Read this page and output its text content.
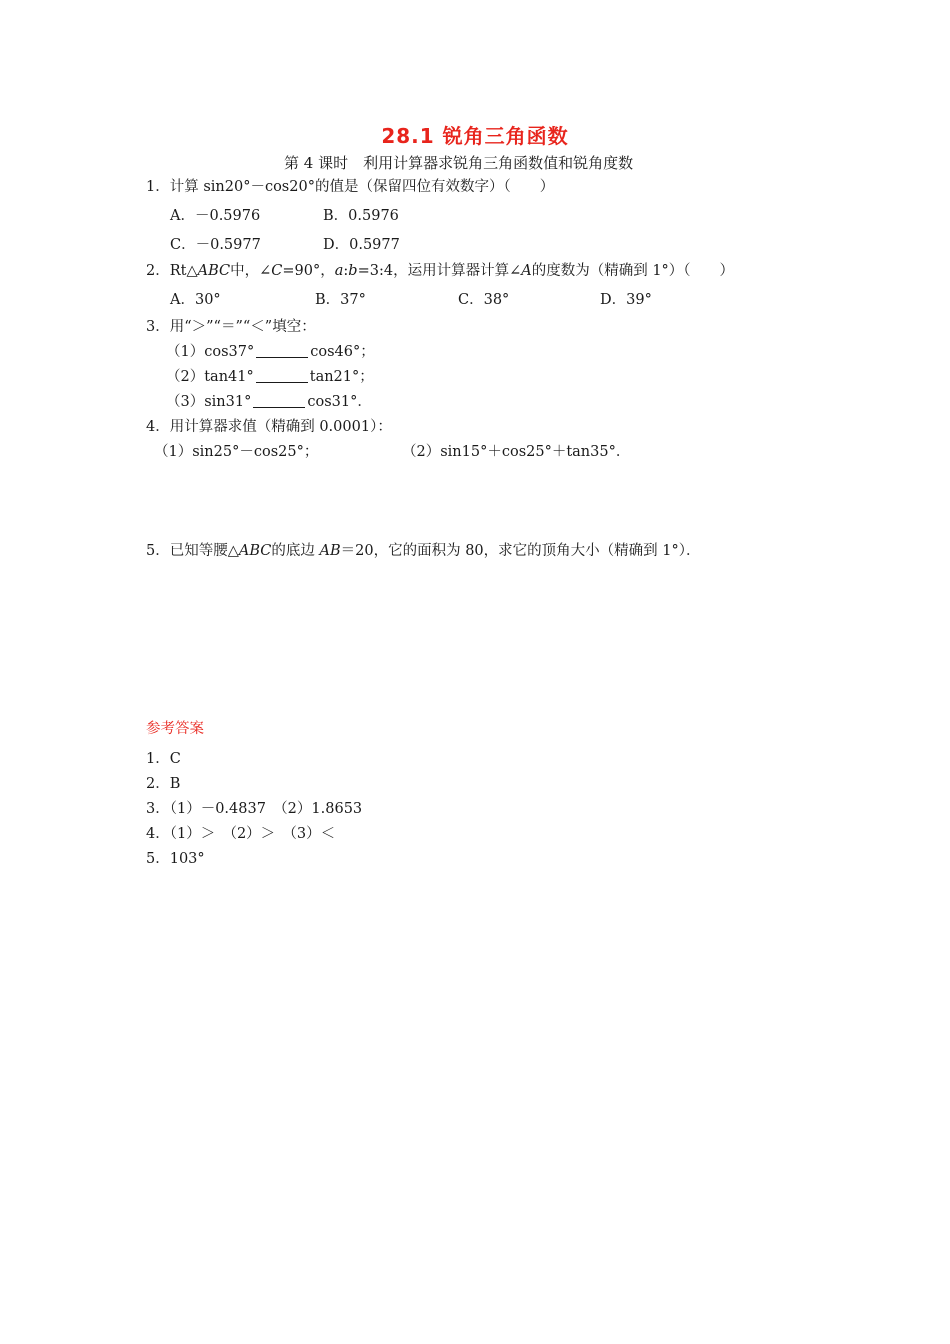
28.1 锐角三角函数
第 4 课时　利用计算器求锐角三角函数值和锐角度数
1．计算 sin20°－cos20°的值是（保留四位有效数字）（　　）
A．－0.5976	B．0.5976
C．－0.5977	D．0.5977
2．Rt△ABC中，∠C=90°，a:b=3:4，运用计算器计算∠A的度数为（精确到 1°）（　　）
A．30°	B．37°	C．38°	D．39°
3．用“＞”“＝”“＜”填空：
（1）cos37°	cos46°；
（2）tan41°	tan21°；
（3）sin31°	cos31°．
4．用计算器求值（精确到 0.0001）：
（1）sin25°－cos25°；	（2）sin15°＋cos25°＋tan35°．
5．已知等腰△ABC的底边 AB＝20，它的面积为 80，求它的顶角大小（精确到 1°）．
参考答案
1．C
2．B
3．（1）－0.4837　（2）1.8653
4．（1）＞　（2）＞　（3）＜
5．103°
